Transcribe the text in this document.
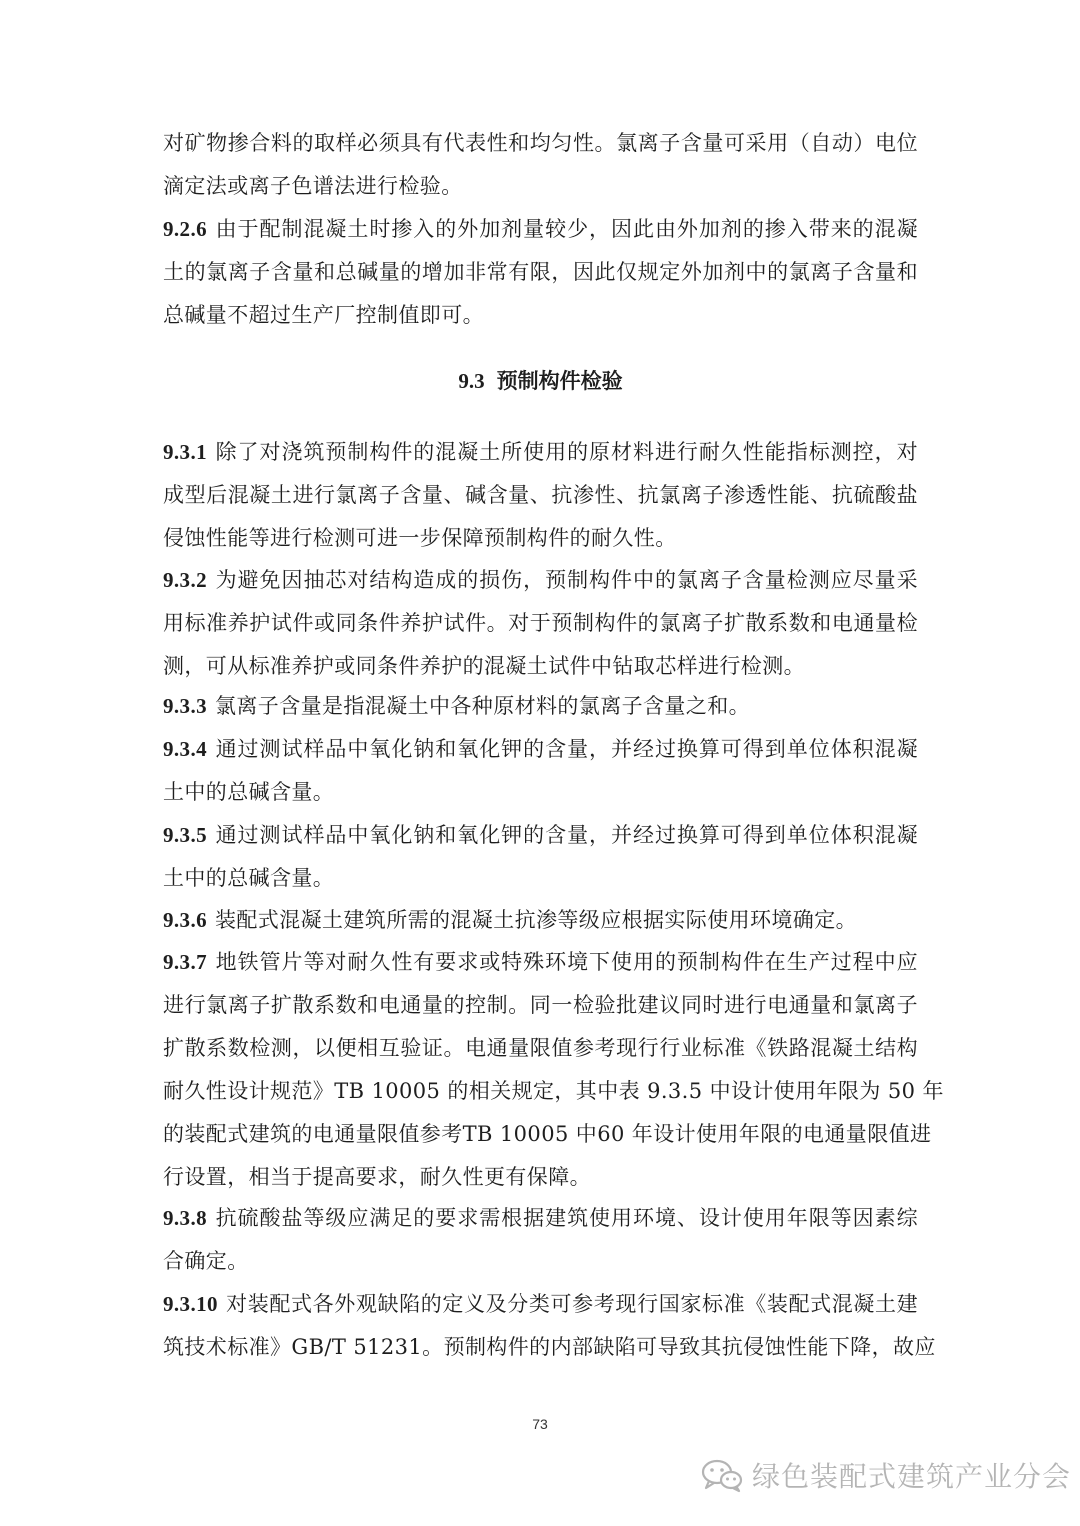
对矿物掺合料的取样必须具有代表性和均匀性。氯离子含量可采用（自动）电位
滴定法或离子色谱法进行检验。
9.2.6 由于配制混凝土时掺入的外加剂量较少，因此由外加剂的掺入带来的混凝
土的氯离子含量和总碱量的增加非常有限，因此仅规定外加剂中的氯离子含量和
总碱量不超过生产厂控制值即可。
9.3 预制构件检验
9.3.1 除了对浇筑预制构件的混凝土所使用的原材料进行耐久性能指标测控，对
成型后混凝土进行氯离子含量、碱含量、抗渗性、抗氯离子渗透性能、抗硫酸盐
侵蚀性能等进行检测可进一步保障预制构件的耐久性。
9.3.2 为避免因抽芯对结构造成的损伤，预制构件中的氯离子含量检测应尽量采
用标准养护试件或同条件养护试件。对于预制构件的氯离子扩散系数和电通量检
测，可从标准养护或同条件养护的混凝土试件中钻取芯样进行检测。
9.3.3 氯离子含量是指混凝土中各种原材料的氯离子含量之和。
9.3.4 通过测试样品中氧化钠和氧化钾的含量，并经过换算可得到单位体积混凝
土中的总碱含量。
9.3.5 通过测试样品中氧化钠和氧化钾的含量，并经过换算可得到单位体积混凝
土中的总碱含量。
9.3.6 装配式混凝土建筑所需的混凝土抗渗等级应根据实际使用环境确定。
9.3.7 地铁管片等对耐久性有要求或特殊环境下使用的预制构件在生产过程中应
进行氯离子扩散系数和电通量的控制。同一检验批建议同时进行电通量和氯离子
扩散系数检测，以便相互验证。电通量限值参考现行行业标准《铁路混凝土结构
耐久性设计规范》TB 10005 的相关规定，其中表 9.3.5 中设计使用年限为 50 年
的装配式建筑的电通量限值参考TB 10005 中60 年设计使用年限的电通量限值进
行设置，相当于提高要求，耐久性更有保障。
9.3.8 抗硫酸盐等级应满足的要求需根据建筑使用环境、设计使用年限等因素综
合确定。
9.3.10 对装配式各外观缺陷的定义及分类可参考现行国家标准《装配式混凝土建
筑技术标准》GB/T 51231。预制构件的内部缺陷可导致其抗侵蚀性能下降，故应
73
绿色装配式建筑产业分会
